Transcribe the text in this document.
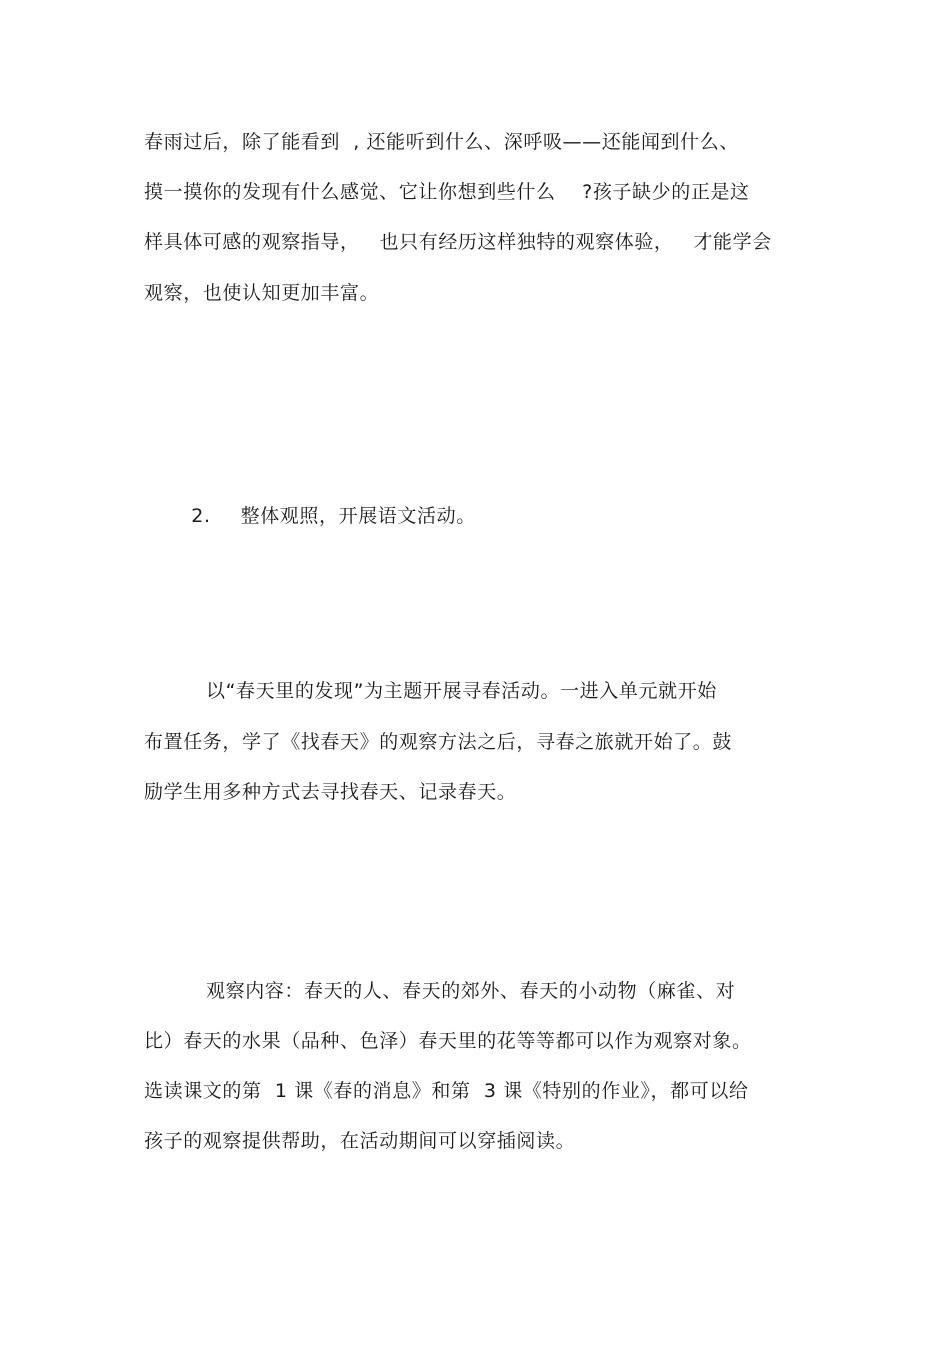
春雨过后，除了能看到  , 还能听到什么、深呼吸——还能闻到什么、
摸一摸你的发现有什么感觉、它让你想到些什么    ?孩子缺少的正是这
样具体可感的观察指导，   也只有经历这样独特的观察体验，   才能学会
观察，也使认知更加丰富。

2. 整体观照，开展语文活动。

以“春天里的发现”为主题开展寻春活动。一进入单元就开始
布置任务，学了《找春天》的观察方法之后，寻春之旅就开始了。鼓
励学生用多种方式去寻找春天、记录春天。
观察内容：春天的人、春天的郊外、春天的小动物（麻雀、对
比）春天的水果（品种、色泽）春天里的花等等都可以作为观察对象。
选读课文的第  1 课《春的消息》和第  3 课《特别的作业》，都可以给
孩子的观察提供帮助，在活动期间可以穿插阅读。
